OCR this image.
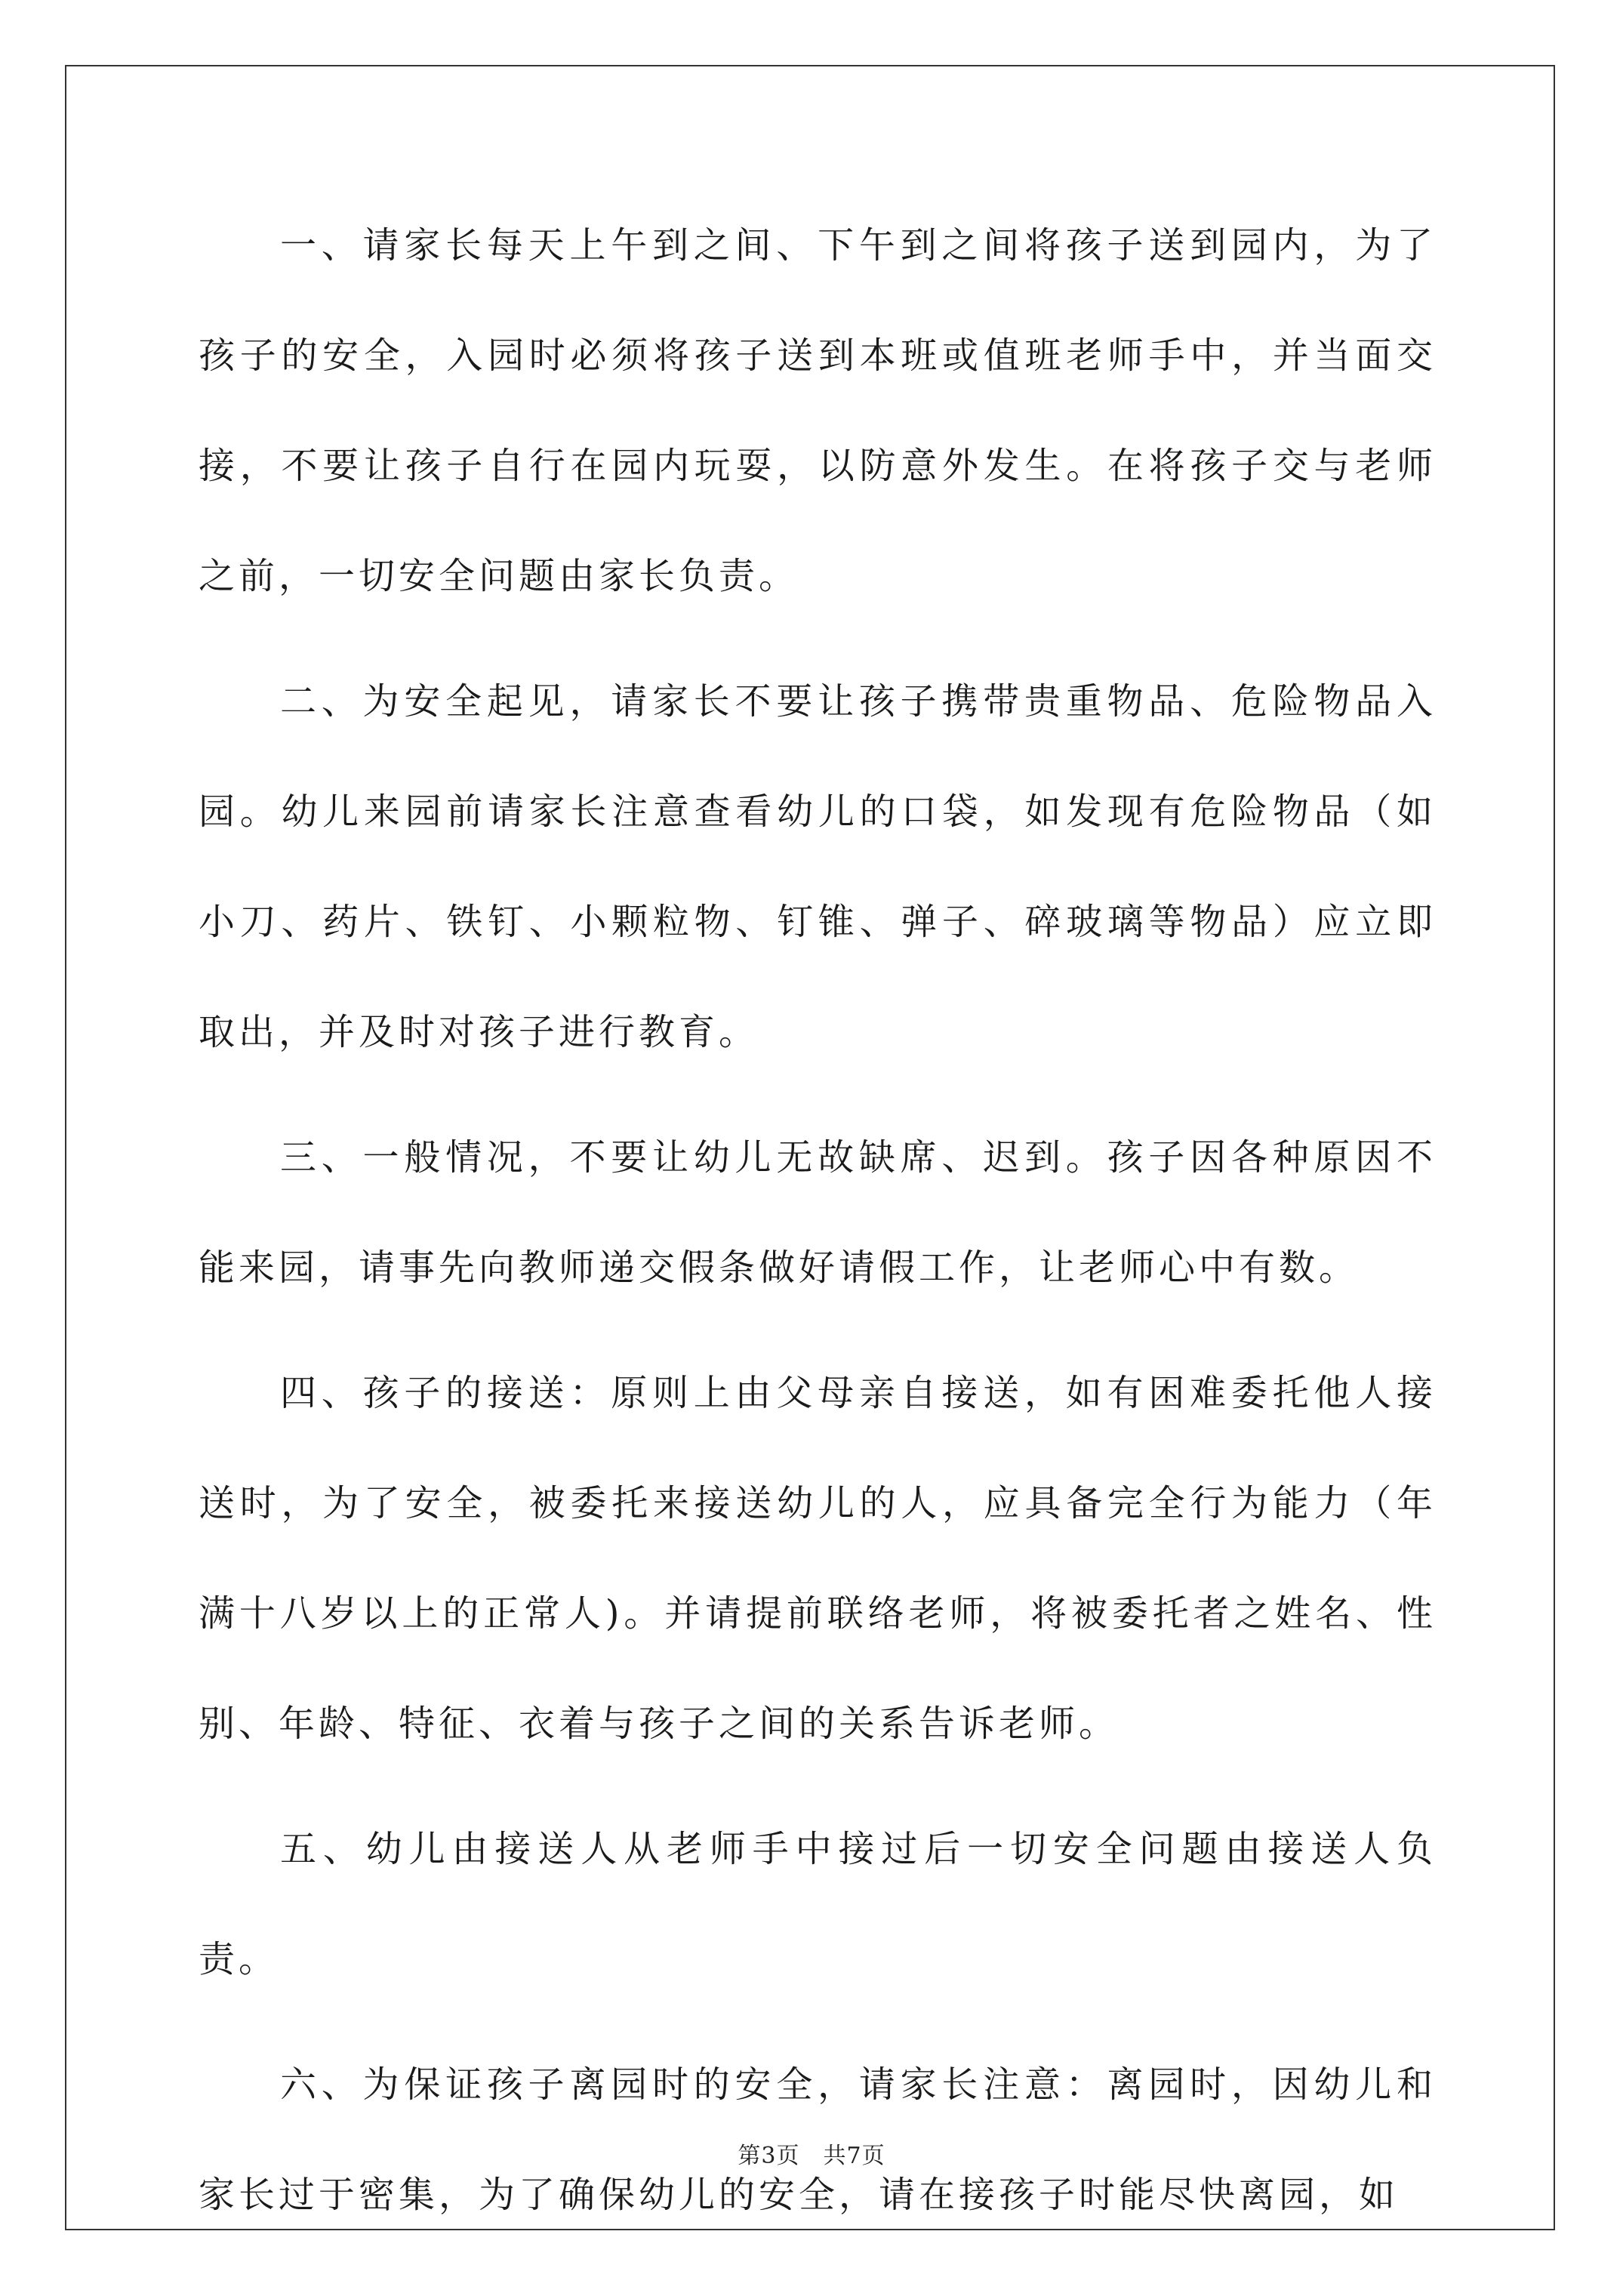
一、请家长每天上午到之间、下午到之间将孩子送到园内，为了孩子的安全，入园时必须将孩子送到本班或值班老师手中，并当面交接，不要让孩子自行在园内玩耍，以防意外发生。在将孩子交与老师之前，一切安全问题由家长负责。

二、为安全起见，请家长不要让孩子携带贵重物品、危险物品入园。幼儿来园前请家长注意查看幼儿的口袋，如发现有危险物品（如小刀、药片、铁钉、小颗粒物、钉锥、弹子、碎玻璃等物品）应立即取出，并及时对孩子进行教育。

三、一般情况，不要让幼儿无故缺席、迟到。孩子因各种原因不能来园，请事先向教师递交假条做好请假工作，让老师心中有数。

四、孩子的接送：原则上由父母亲自接送，如有困难委托他人接送时，为了安全，被委托来接送幼儿的人，应具备完全行为能力（年满十八岁以上的正常人)。并请提前联络老师，将被委托者之姓名、性别、年龄、特征、衣着与孩子之间的关系告诉老师。

五、幼儿由接送人从老师手中接过后一切安全问题由接送人负责。

六、为保证孩子离园时的安全，请家长注意：离园时，因幼儿和家长过于密集，为了确保幼儿的安全，请在接孩子时能尽快离园，如

第3页　共7页
